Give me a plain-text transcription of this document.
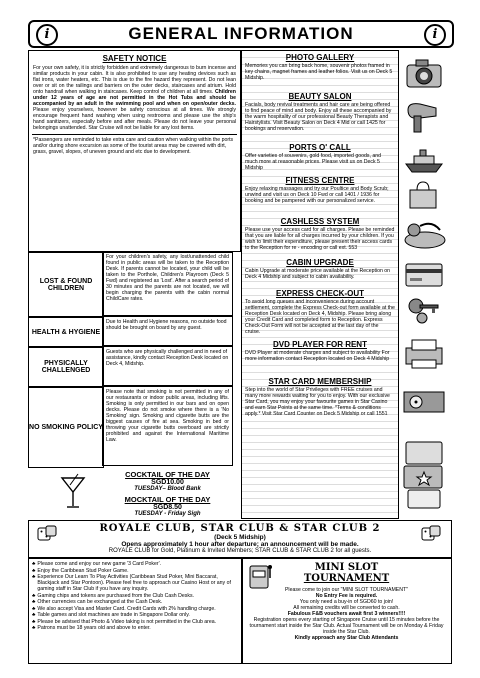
i	GENERAL INFORMATION	i
SAFETY NOTICE
For your own safety, it is strictly forbidden and extremely dangerous to burn incense and similar products in your cabin. It is also prohibited to use any heating devices such as flat irons, water heaters, etc. This is due to the fire hazard they represent. Do not lean over or sit on the railings and barriers on the outer decks, staircases and atrium. Hold onto handrail when walking in staircases. Keep control of children at all times. Children under 12 years of age are not permitted in the Hot Tubs and should be accompanied by an adult in the swimming pool and when on open/outer decks. Please enjoy yourselves, however be safety conscious at all times. We strongly encourage frequent hand washing when using restrooms and please use the ship's hand sanitizers, especially before and after meals. Please do not leave your personal belongings unattended. Star Cruise will not be liable for any lost items.
*Passengers are reminded to take extra care and caution when walking within the ports and/or during shore excursion as some of the tourist areas may be covered with dirt, grass, gravel, slopes, of uneven ground and etc due to development.
LOST & FOUND CHILDREN
For your children's safety, any lost/unattended child found in public areas will be taken to the Reception Desk. If parents cannot be located, your child will be taken to the Porthole, Children's Playroom (Deck 5 Fwd) and registered as 'Lost'. After a search period of 30 minutes and the parents are not located, we will begin charging the parents with the cabin normal ChildCare rates.
HEALTH & HYGIENE
Due to Health and Hygiene reasons, no outside food should be brought on board by any guest.
PHYSICALLY CHALLENGED
Guests who are physically challenged and in need of assistance, kindly contact Reception Desk located on Deck 4, Midship.
NO SMOKING POLICY
Please note that smoking is not permitted in any of our restaurants or indoor public areas, including lifts. Smoking is only permitted in our bars and on open decks. Please do not smoke where there is a 'No Smoking' sign. Smoking and cigarette butts are the biggest causes of fire at sea. Smoking in bed or throwing your cigarette butts overboard are strictly prohibited and against the International Maritime Law.
COCKTAIL OF THE DAY
SGD10.00
TUESDAY– Blood Bank
MOCKTAIL OF THE DAY
SGD8.50
TUESDAY - Friday Sigh
PHOTO GALLERY
Memories you can bring back home, souvenir photos framed in key chains, magnet frames and leather folios. Visit us on Deck 5 Midship.
BEAUTY SALON
Facials, body revival treatments and hair care are being offered to find peace of mind and body. Enjoy all these accompanied by the warm hospitality of our professional Beauty Therapists and Hairstylists. Visit Beauty Salon on Deck 4 Mid or call 1425 for bookings and reservation.
PORTS O' CALL
Offer varieties of souvenirs, gold food, imported goods, and much more at reasonable prices. Please visit us on Deck 5 Midship
FITNESS CENTRE
Enjoy relaxing massages and try our Poultice and Body Scrub; unwind and visit us on Deck 10 Fwd or call 1401 / 1936 for booking and be pampered with our personalized service.
CASHLESS SYSTEM
Please use your access card for all charges. Please be reminded that you are liable for all charges incurred by your children. If you wish to limit their expenditure, please present their access cards to the Reception for re - encoding or call ext. 553
CABIN UPGRADE
Cabin Upgrade at moderate price available at the Reception on Deck 4 Midship and subject to cabin availability.
EXPRESS CHECK-OUT
To avoid long queues and inconvenience during account settlement, complete the Express Check-out form available at the Reception Desk located on Deck 4, Midship. Please bring along your Credit Card and completed form to Reception. Express Check-Out Form will not be accepted at the last day of the cruise.
DVD PLAYER FOR RENT
DVD Player at moderate charges and subject to availability For more information contact Reception located on Deck 4 Midship
STAR CARD MEMBERSHIP
Step into the world of Star Privileges with FREE cruises and many more rewards waiting for you to enjoy. With our exclusive Star Card, you may enjoy your favourite games in Star Casino and earn Star Points at the same time. *Terms & conditions apply.* Visit Star Card Counter on Deck 5 Midship or call 1551
ROYALE CLUB, STAR CLUB & STAR CLUB 2
(Deck 5 Midship)
Opens approximately 1 hour after departure; an announcement will be made.
ROYALE CLUB for Gold, Platinum & Invited Members; STAR CLUB & STAR CLUB 2 for all guests.
♣ Please come and enjoy our new game '3 Card Poker'.
♣ Enjoy the Caribbean Stud Poker Game.
♣ Experience Our Learn To Play Activities (Caribbean Stud Poker, Mini Baccarat, Blackjack and Star Pontoon). Please feel free to approach our Casino Host or any of gaming staff in Star Club if you have any inquiry.
♣ Gaming chips and tokens are purchased from the Club Cash Desks.
♣ Other currencies can be exchanged at the Cash Desk.
♣ We also accept Visa and Master Card. Credit Cards with 2% handling charge.
♣ Table games and slot machines are trade in Singapore Dollar only.
♣ Please be advised that Photo & Video taking is not permitted in the Club area.
♣ Patrons must be 18 years old and above to enter.
MINI SLOT
TOURNAMENT
Please come to join our "MINI SLOT TOURNAMENT"
No Entry Fee is required.
You only need a buy-in of SGD60 to join!
All remaining credits will be converted to cash.
Fabulous F&B vouchers await first 3 winners!!!!
Registration opens every starting of Singapore Cruise until 15 minutes before the tournament start inside the Star Club. Actual Tournament will be on Monday & Friday inside the Star Club.
Kindly approach any Star Club Attendants
